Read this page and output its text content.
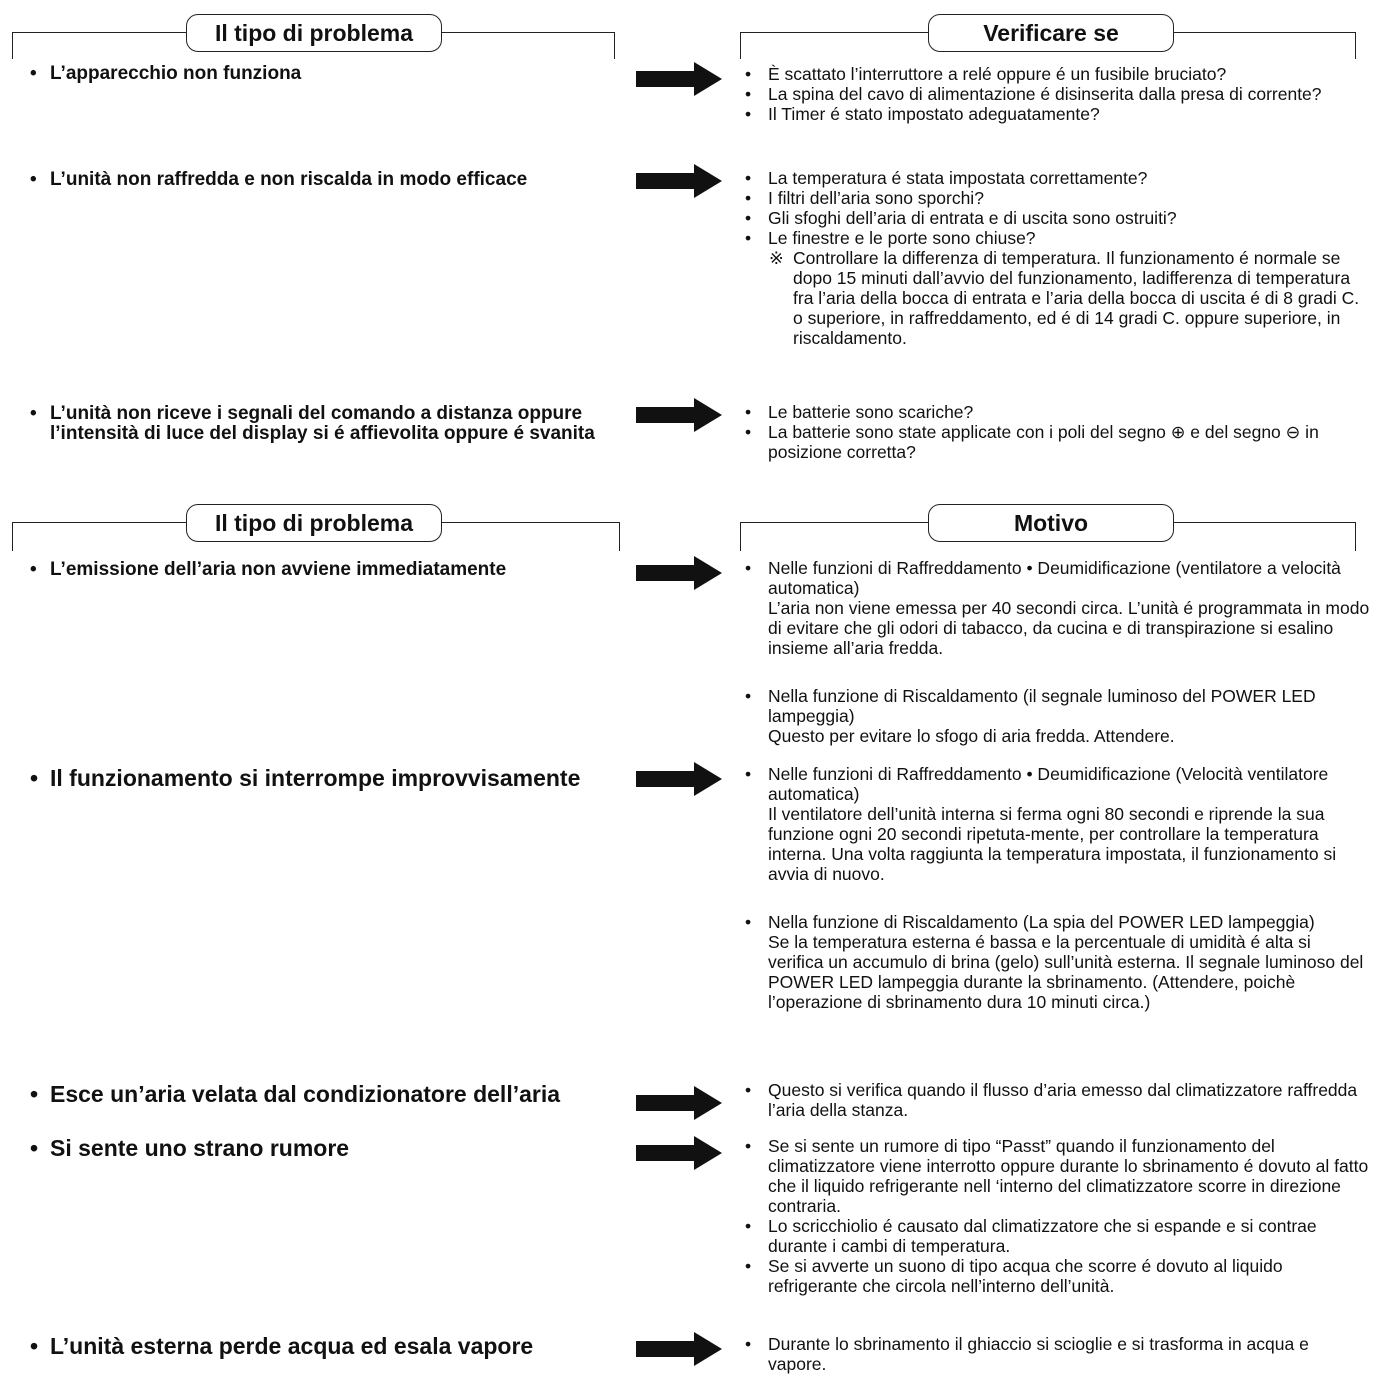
Il tipo di problema	Verificare se
• L’apparecchio non funziona	• È scattato l’interruttore a relé oppure é un fusibile bruciato?
• La spina del cavo di alimentazione é disinserita dalla presa di corrente?
• Il Timer é stato impostato adeguatamente?
• L’unità non raffredda e non riscalda in modo efficace	• La temperatura é stata impostata correttamente?
• I filtri dell’aria sono sporchi?
• Gli sfoghi dell’aria di entrata e di uscita sono ostruiti?
• Le finestre e le porte sono chiuse?
※ Controllare la differenza di temperatura. Il funzionamento é normale se dopo 15 minuti dall’avvio del funzionamento, ladifferenza di temperatura fra l’aria della bocca di entrata e l’aria della bocca di uscita é di 8 gradi C. o superiore, in raffreddamento, ed é di 14 gradi C. oppure superiore, in riscaldamento.
• L’unità non riceve i segnali del comando a distanza oppure l’intensità di luce del display si é affievolita oppure é svanita
• Le batterie sono scariche?
• La batterie sono state applicate con i poli del segno ⊕ e del segno ⊖ in posizione corretta?
Il tipo di problema	Motivo
• L’emissione dell’aria non avviene immediatamente	• Nelle funzioni di Raffreddamento • Deumidificazione (ventilatore a velocità automatica)
L’aria non viene emessa per 40 secondi circa. L’unità é programmata in modo di evitare che gli odori di tabacco, da cucina e di transpirazione si esalino insieme all’aria fredda.
• Nella funzione di Riscaldamento (il segnale luminoso del POWER LED lampeggia)
Questo per evitare lo sfogo di aria fredda. Attendere.
• Il funzionamento si interrompe improvvisamente	• Nelle funzioni di Raffreddamento • Deumidificazione (Velocità ventilatore automatica)
Il ventilatore dell’unità interna si ferma ogni 80 secondi e riprende la sua funzione ogni 20 secondi ripetuta-mente, per controllare la temperatura interna. Una volta raggiunta la temperatura impostata, il funzionamento si avvia di nuovo.
• Nella funzione di Riscaldamento (La spia del POWER LED lampeggia)
Se la temperatura esterna é bassa e la percentuale di umidità é alta si verifica un accumulo di brina (gelo) sull’unità esterna. Il segnale luminoso del POWER LED lampeggia durante la sbrinamento. (Attendere, poichè l’operazione di sbrinamento dura 10 minuti circa.)
• Esce un’aria velata dal condizionatore dell’aria	• Questo si verifica quando il flusso d’aria emesso dal climatizzatore raffredda l’aria della stanza.
• Si sente uno strano rumore	• Se si sente un rumore di tipo “Passt” quando il funzionamento del climatizzatore viene interrotto oppure durante lo sbrinamento é dovuto al fatto che il liquido refrigerante nell ‘interno del climatizzatore scorre in direzione contraria.
• Lo scricchiolio é causato dal climatizzatore che si espande e si contrae durante i cambi di temperatura.
• Se si avverte un suono di tipo acqua che scorre é dovuto al liquido refrigerante che circola nell’interno dell’unità.
• L’unità esterna perde acqua ed esala vapore	• Durante lo sbrinamento il ghiaccio si scioglie e si trasforma in acqua e vapore.
